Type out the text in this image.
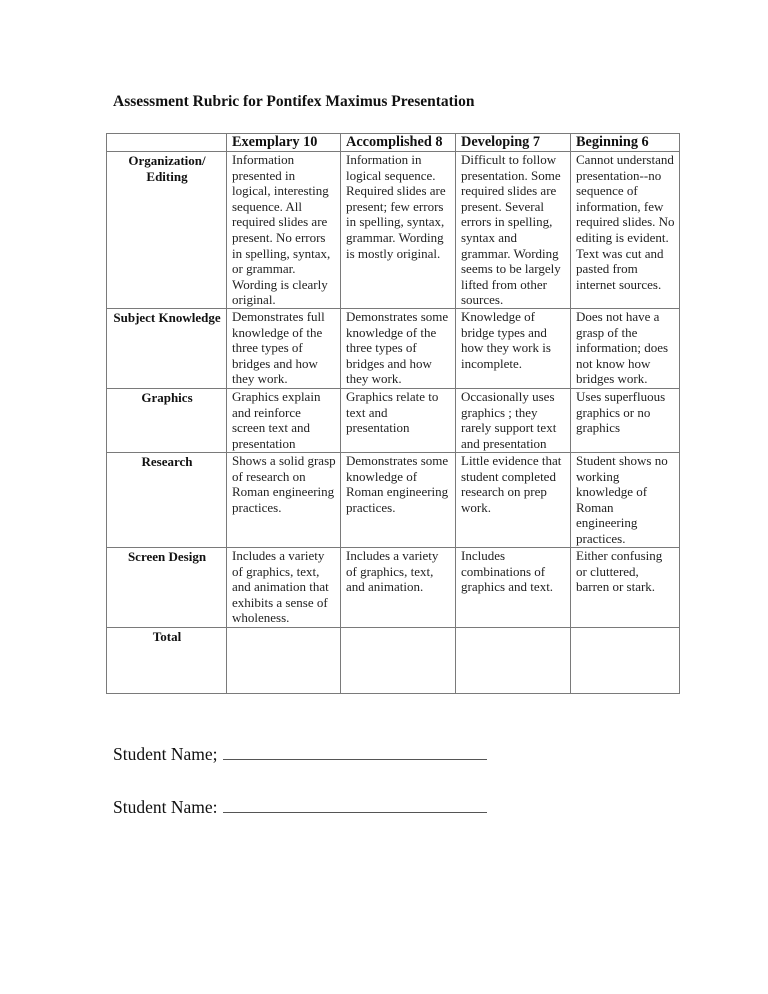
Assessment Rubric for Pontifex Maximus Presentation
	Exemplary 10	Accomplished 8	Developing 7	Beginning 6
Organization/
Editing	Information presented in logical, interesting sequence. All required slides are present. No errors in spelling, syntax, or grammar. Wording is clearly original.	Information in logical sequence. Required slides are present; few errors in spelling, syntax, grammar. Wording is mostly original.	Difficult to follow presentation. Some required slides are present. Several errors in spelling, syntax and grammar. Wording seems to be largely lifted from other sources.	Cannot understand presentation--no sequence of information, few required slides. No editing is evident. Text was cut and pasted from internet sources.
Subject Knowledge	Demonstrates full knowledge of the three types of bridges and how they work.	Demonstrates some knowledge of the three types of bridges and how they work.	Knowledge of bridge types and how they work is incomplete.	Does not have a grasp of the information; does not know how bridges work.
Graphics	Graphics explain and reinforce screen text and presentation	Graphics relate to text and presentation	Occasionally uses graphics ; they rarely support text and presentation	Uses superfluous graphics or no graphics
Research	Shows a solid grasp of research on Roman engineering practices.	Demonstrates some knowledge of Roman engineering practices.	Little evidence that student completed research on prep work.	Student shows no working knowledge of Roman engineering practices.
Screen Design	Includes a variety of graphics, text, and animation that exhibits a sense of wholeness.	Includes a variety of graphics, text, and animation.	Includes combinations of graphics and text.	Either confusing or cluttered, barren or stark.
Total				
Student Name;
Student Name:
